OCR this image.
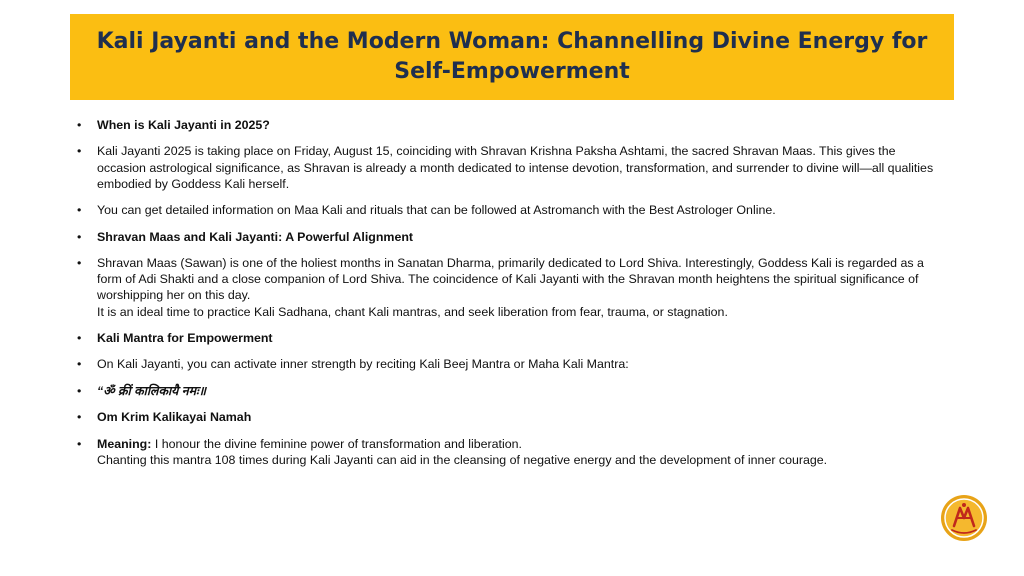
Kali Jayanti and the Modern Woman: Channelling Divine Energy for
Self-Empowerment
• When is Kali Jayanti in 2025?
• Kali Jayanti 2025 is taking place on Friday, August 15, coinciding with Shravan Krishna Paksha Ashtami, the sacred Shravan Maas. This gives the occasion astrological significance, as Shravan is already a month dedicated to intense devotion, transformation, and surrender to divine will—all qualities embodied by Goddess Kali herself.
• You can get detailed information on Maa Kali and rituals that can be followed at Astromanch with the Best Astrologer Online.
• Shravan Maas and Kali Jayanti: A Powerful Alignment
• Shravan Maas (Sawan) is one of the holiest months in Sanatan Dharma, primarily dedicated to Lord Shiva. Interestingly, Goddess Kali is regarded as a form of Adi Shakti and a close companion of Lord Shiva. The coincidence of Kali Jayanti with the Shravan month heightens the spiritual significance of worshipping her on this day.
It is an ideal time to practice Kali Sadhana, chant Kali mantras, and seek liberation from fear, trauma, or stagnation.
• Kali Mantra for Empowerment
• On Kali Jayanti, you can activate inner strength by reciting Kali Beej Mantra or Maha Kali Mantra:
• “ॐ क्रीं कालिकायै नमः॥
• Om Krim Kalikayai Namah
• Meaning: I honour the divine feminine power of transformation and liberation.
Chanting this mantra 108 times during Kali Jayanti can aid in the cleansing of negative energy and the development of inner courage.
